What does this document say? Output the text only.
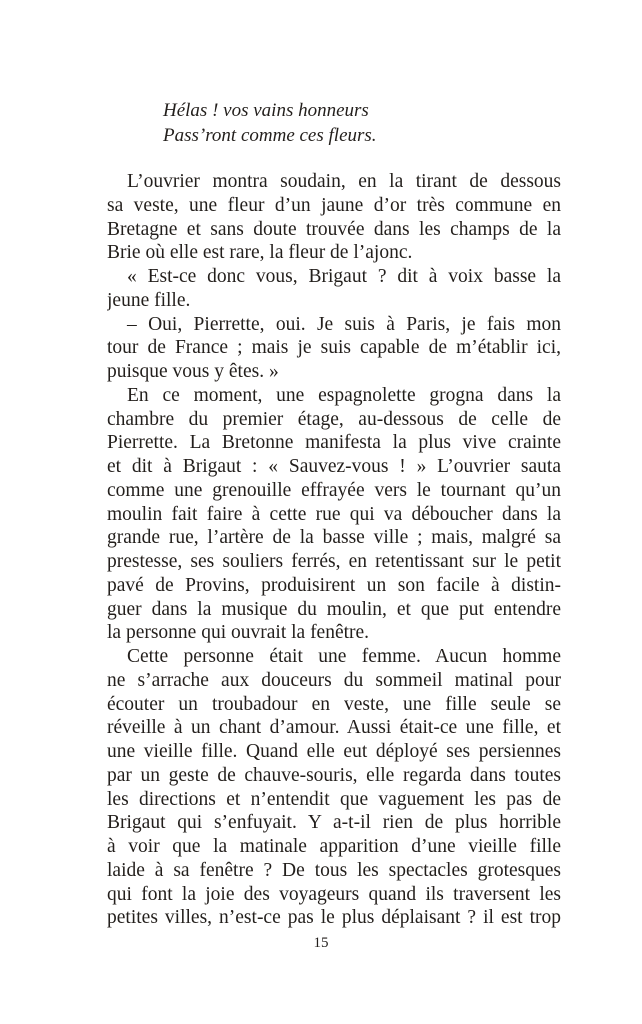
Hélas ! vos vains honneurs
Pass’ront comme ces fleurs.
L’ouvrier montra soudain, en la tirant de dessous
sa veste, une fleur d’un jaune d’or très commune en
Bretagne et sans doute trouvée dans les champs de la
Brie où elle est rare, la fleur de l’ajonc.
« Est-ce donc vous, Brigaut ? dit à voix basse la
jeune fille.
– Oui, Pierrette, oui. Je suis à Paris, je fais mon
tour de France ; mais je suis capable de m’établir ici,
puisque vous y êtes. »
En ce moment, une espagnolette grogna dans la
chambre du premier étage, au-dessous de celle de
Pierrette. La Bretonne manifesta la plus vive crainte
et dit à Brigaut : « Sauvez-vous ! » L’ouvrier sauta
comme une grenouille effrayée vers le tournant qu’un
moulin fait faire à cette rue qui va déboucher dans la
grande rue, l’artère de la basse ville ; mais, malgré sa
prestesse, ses souliers ferrés, en retentissant sur le petit
pavé de Provins, produisirent un son facile à distin-
guer dans la musique du moulin, et que put entendre
la personne qui ouvrait la fenêtre.
Cette personne était une femme. Aucun homme
ne s’arrache aux douceurs du sommeil matinal pour
écouter un troubadour en veste, une fille seule se
réveille à un chant d’amour. Aussi était-ce une fille, et
une vieille fille. Quand elle eut déployé ses persiennes
par un geste de chauve-souris, elle regarda dans toutes
les directions et n’entendit que vaguement les pas de
Brigaut qui s’enfuyait. Y a-t-il rien de plus horrible
à voir que la matinale apparition d’une vieille fille
laide à sa fenêtre ? De tous les spectacles grotesques
qui font la joie des voyageurs quand ils traversent les
petites villes, n’est-ce pas le plus déplaisant ? il est trop
15
